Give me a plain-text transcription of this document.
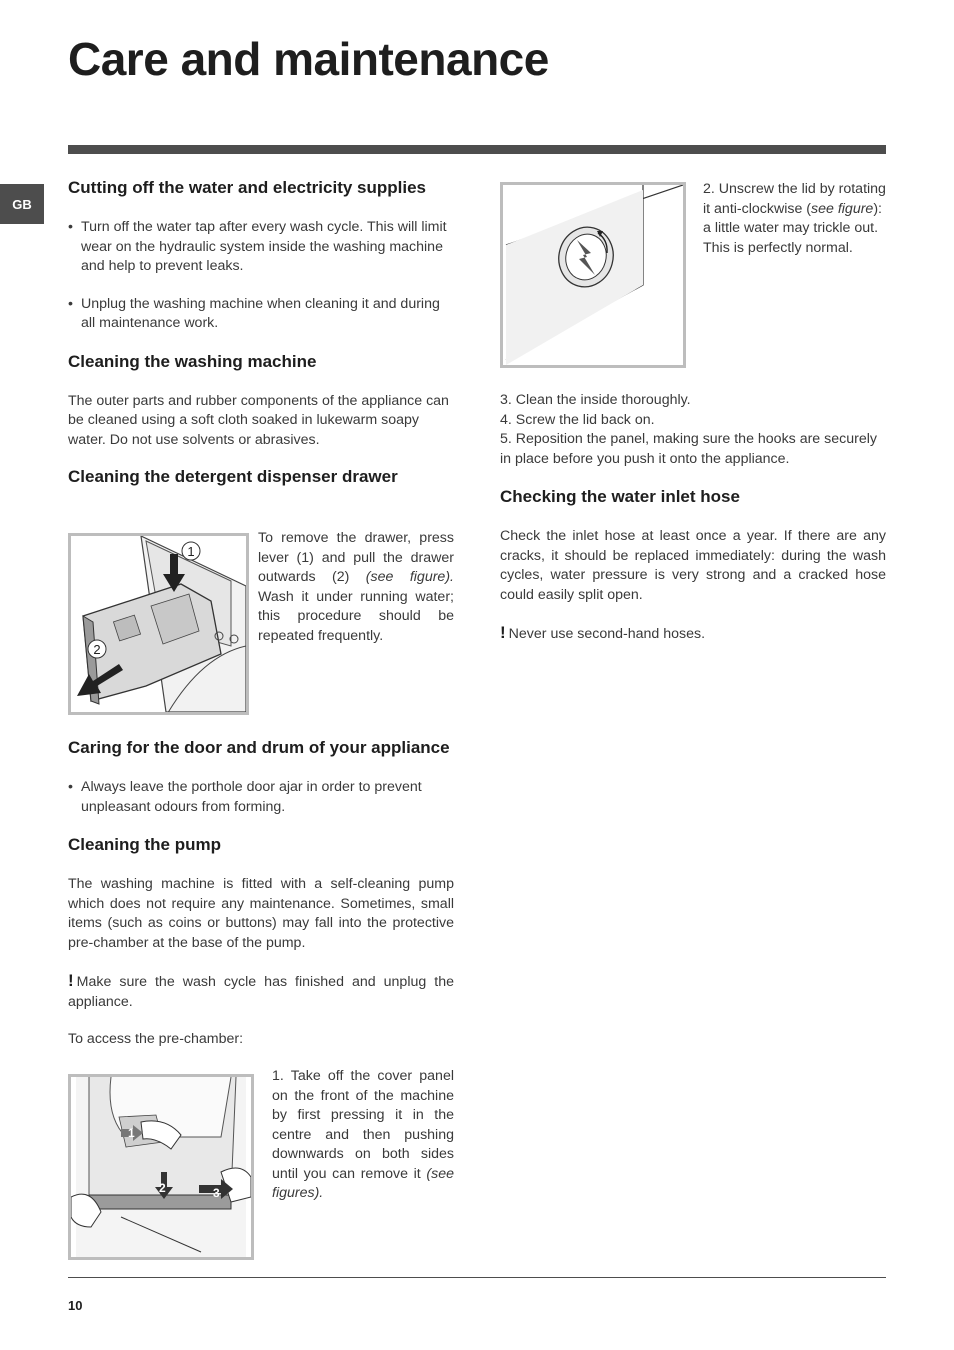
Care and maintenance
GB
Cutting off the water and electricity supplies
• Turn off the water tap after every wash cycle. This will limit wear on the hydraulic system inside the washing machine and help to prevent leaks.
• Unplug the washing machine when cleaning it and during all maintenance work.
Cleaning the washing machine

The outer parts and rubber components of the appliance can be cleaned using a soft cloth soaked in lukewarm soapy water. Do not use solvents or abrasives.

Cleaning the detergent dispenser drawer
1
2

To remove the drawer, press lever (1) and pull the drawer outwards (2) (see figure). Wash it under running water; this procedure should be repeated frequently.

Caring for the door and drum of your appliance
• Always leave the porthole door ajar in order to prevent unpleasant odours from forming.
Cleaning the pump

The washing machine is fitted with a self-cleaning pump which does not require any maintenance. Sometimes, small items (such as coins or buttons) may fall into the protective pre-chamber at the base of the pump.

! Make sure the wash cycle has finished and unplug the appliance.

To access the pre-chamber:

1
2	3

1. Take off the cover panel on the front of the machine by first pressing it in the centre and then pushing downwards on both sides until you can remove it (see figures).

2. Unscrew the lid by rotating it anti-clockwise (see figure): a little water may trickle out. This is perfectly normal.

3. Clean the inside thoroughly.

4. Screw the lid back on.

5. Reposition the panel, making sure the hooks are securely in place before you push it onto the appliance.

Checking the water inlet hose

Check the inlet hose at least once a year. If there are any cracks, it should be replaced immediately: during the wash cycles, water pressure is very strong and a cracked hose could easily split open.

! Never use second-hand hoses.

10
